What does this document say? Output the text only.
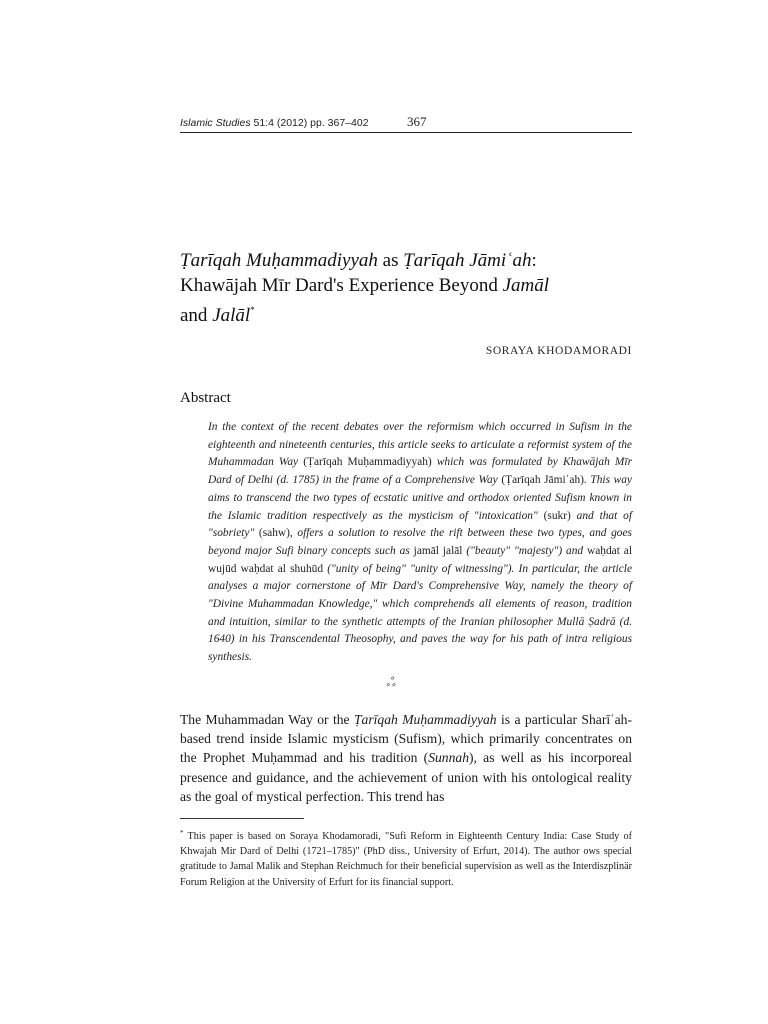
Islamic Studies 51:4 (2012) pp. 367–402	367
Ṭarīqah Muḥammadiyyah as Ṭarīqah Jāmiʿah:
Khawājah Mīr Dard's Experience Beyond Jamāl
and Jalāl*
SORAYA KHODAMORADI
Abstract

In the context of the recent debates over the reformism which occurred in Sufism in the eighteenth and nineteenth centuries, this article seeks to articulate a reformist system of the Muhammadan Way (Ṭarīqah Muḥammadiyyah) which was formulated by Khawājah Mīr Dard of Delhi (d. 1785) in the frame of a Comprehensive Way (Ṭarīqah Jāmiʿah). This way aims to transcend the two types of ecstatic unitive and orthodox oriented Sufism known in the Islamic tradition respectively as the mysticism of "intoxication" (sukr) and that of "sobriety" (sahw), offers a solution to resolve the rift between these two types, and goes beyond major Sufi binary concepts such as jamāl jalāl ("beauty" "majesty") and waḥdat al wujūd waḥdat al shuhūd ("unity of being" "unity of witnessing"). In particular, the article analyses a major cornerstone of Mīr Dard's Comprehensive Way, namely the theory of "Divine Muhammadan Knowledge," which comprehends all elements of reason, tradition and intuition, similar to the synthetic attempts of the Iranian philosopher Mullā Ṣadrā (d. 1640) in his Transcendental Theosophy, and paves the way for his path of intra religious synthesis.

ஃ

The Muhammadan Way or the Ṭarīqah Muḥammadiyyah is a particular Sharīʿah-based trend inside Islamic mysticism (Sufism), which primarily concentrates on the Prophet Muḥammad and his tradition (Sunnah), as well as his incorporeal presence and guidance, and the achievement of union with his ontological reality as the goal of mystical perfection. This trend has

* This paper is based on Soraya Khodamoradi, "Sufi Reform in Eighteenth Century India: Case Study of Khwajah Mir Dard of Delhi (1721–1785)" (PhD diss., University of Erfurt, 2014). The author ows special gratitude to Jamal Malik and Stephan Reichmuch for their beneficial supervision as well as the Interdiszplinär Forum Religion at the University of Erfurt for its financial support.
